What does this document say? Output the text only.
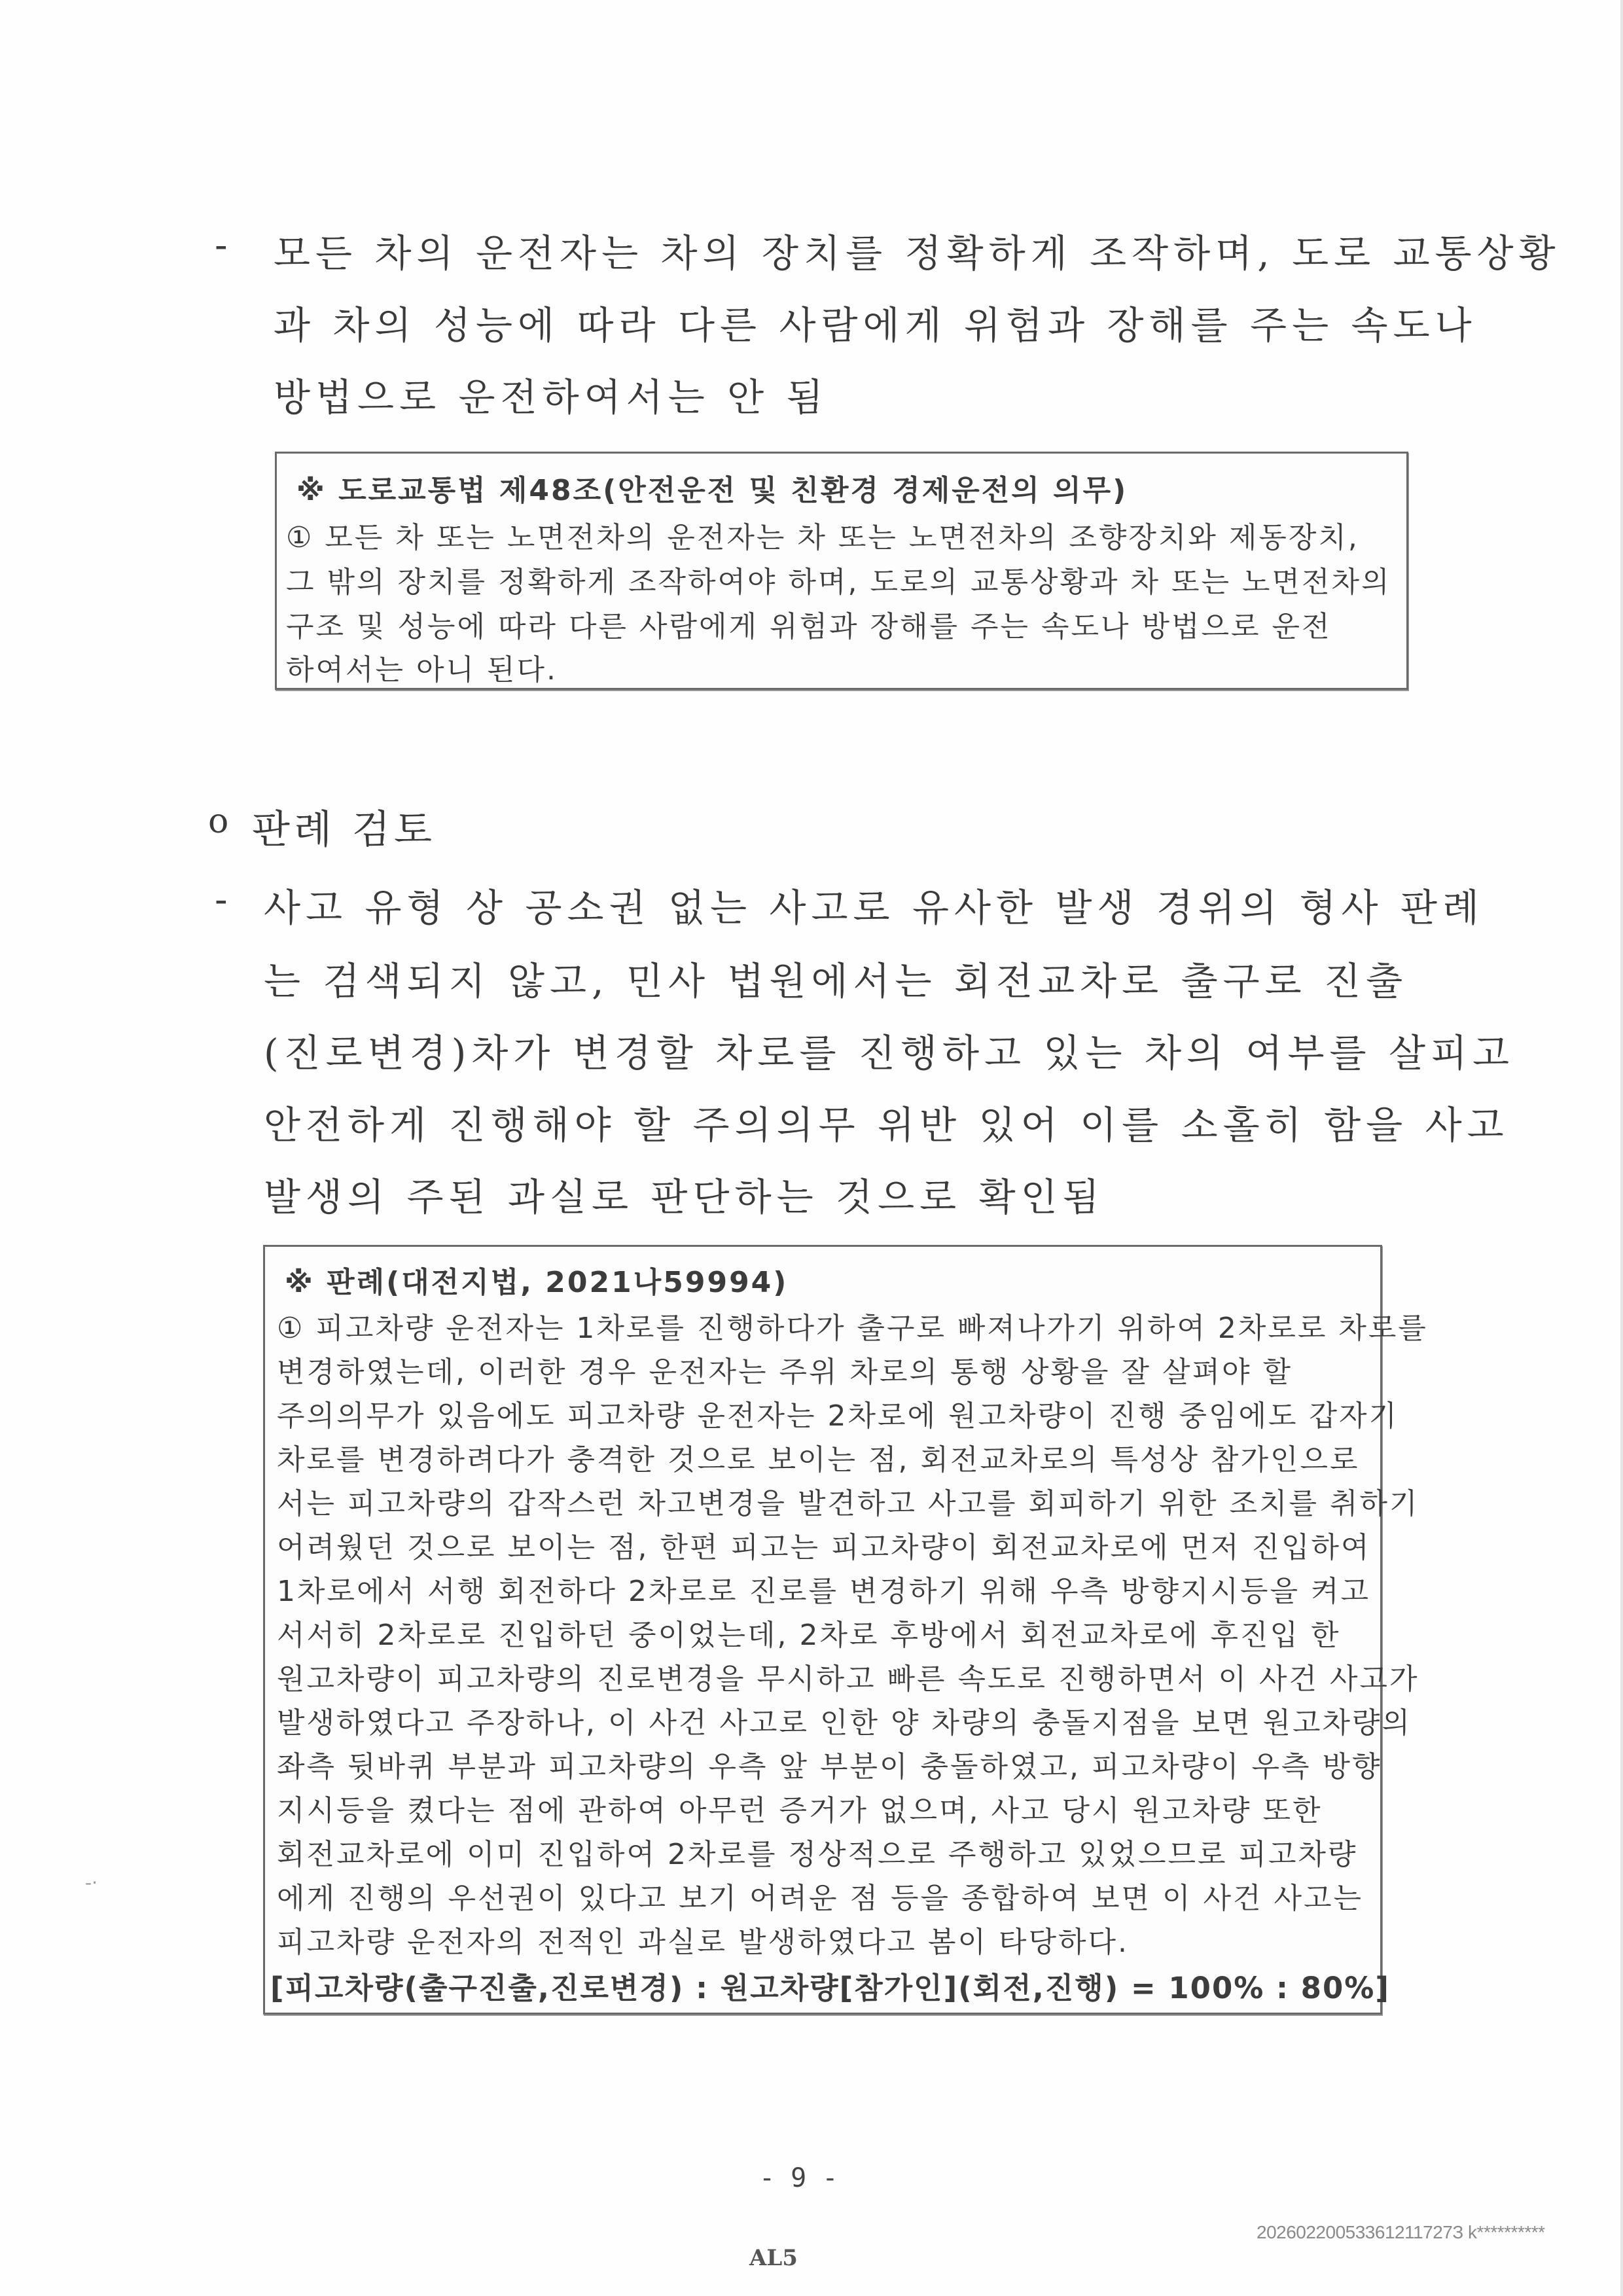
- 모든 차의 운전자는 차의 장치를 정확하게 조작하며, 도로 교통상황
과 차의 성능에 따라 다른 사람에게 위험과 장해를 주는 속도나
방법으로 운전하여서는 안 됨
※ 도로교통법 제48조(안전운전 및 친환경 경제운전의 의무)
① 모든 차 또는 노면전차의 운전자는 차 또는 노면전차의 조향장치와 제동장치,
그 밖의 장치를 정확하게 조작하여야 하며, 도로의 교통상황과 차 또는 노면전차의
구조 및 성능에 따라 다른 사람에게 위험과 장해를 주는 속도나 방법으로 운전
하여서는 아니 된다.
o 판례 검토
- 사고 유형 상 공소권 없는 사고로 유사한 발생 경위의 형사 판례
는 검색되지 않고, 민사 법원에서는 회전교차로 출구로 진출
(진로변경)차가 변경할 차로를 진행하고 있는 차의 여부를 살피고
안전하게 진행해야 할 주의의무 위반 있어 이를 소홀히 함을 사고
발생의 주된 과실로 판단하는 것으로 확인됨
※ 판례(대전지법, 2021나59994)
① 피고차량 운전자는 1차로를 진행하다가 출구로 빠져나가기 위하여 2차로로 차로를
변경하였는데, 이러한 경우 운전자는 주위 차로의 통행 상황을 잘 살펴야 할
주의의무가 있음에도 피고차량 운전자는 2차로에 원고차량이 진행 중임에도 갑자기
차로를 변경하려다가 충격한 것으로 보이는 점, 회전교차로의 특성상 참가인으로
서는 피고차량의 갑작스런 차고변경을 발견하고 사고를 회피하기 위한 조치를 취하기
어려웠던 것으로 보이는 점, 한편 피고는 피고차량이 회전교차로에 먼저 진입하여
1차로에서 서행 회전하다 2차로로 진로를 변경하기 위해 우측 방향지시등을 켜고
서서히 2차로로 진입하던 중이었는데, 2차로 후방에서 회전교차로에 후진입 한
원고차량이 피고차량의 진로변경을 무시하고 빠른 속도로 진행하면서 이 사건 사고가
발생하였다고 주장하나, 이 사건 사고로 인한 양 차량의 충돌지점을 보면 원고차량의
좌측 뒷바퀴 부분과 피고차량의 우측 앞 부분이 충돌하였고, 피고차량이 우측 방향
지시등을 켰다는 점에 관하여 아무런 증거가 없으며, 사고 당시 원고차량 또한
회전교차로에 이미 진입하여 2차로를 정상적으로 주행하고 있었으므로 피고차량
에게 진행의 우선권이 있다고 보기 어려운 점 등을 종합하여 보면 이 사건 사고는
피고차량 운전자의 전적인 과실로 발생하였다고 봄이 타당하다.
[피고차량(출구진출,진로변경) : 원고차량[참가인](회전,진행) = 100% : 80%]
-·
- 9 -
20260220053361211727З k**********
AL5
